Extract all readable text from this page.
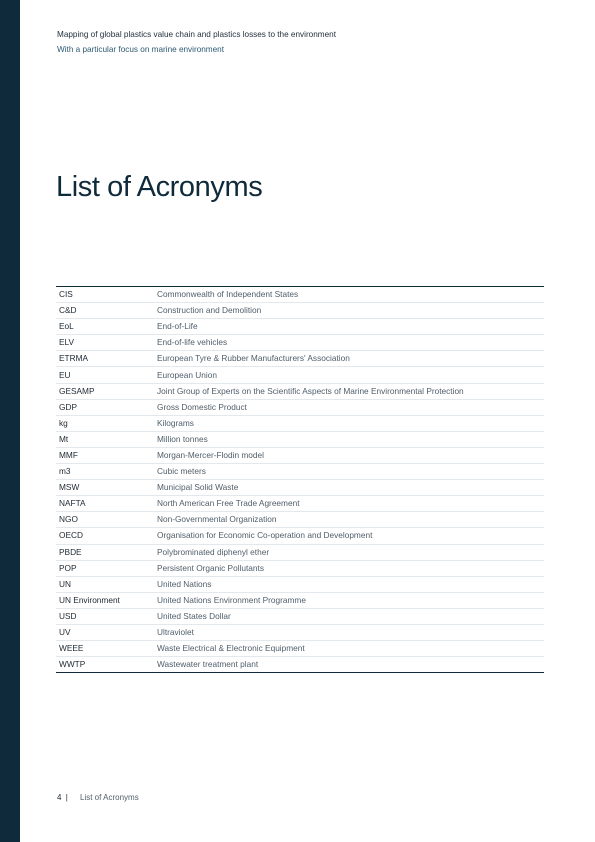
Mapping of global plastics value chain and plastics losses to the environment
With a particular focus on marine environment
List of Acronyms
CIS	Commonwealth of Independent States
C&D	Construction and Demolition
EoL	End-of-Life
ELV	End-of-life vehicles
ETRMA	European Tyre & Rubber Manufacturers' Association
EU	European Union
GESAMP	Joint Group of Experts on the Scientific Aspects of Marine Environmental Protection
GDP	Gross Domestic Product
kg	Kilograms
Mt	Million tonnes
MMF	Morgan-Mercer-Flodin model
m3	Cubic meters
MSW	Municipal Solid Waste
NAFTA	North American Free Trade Agreement
NGO	Non-Governmental Organization
OECD	Organisation for Economic Co-operation and Development
PBDE	Polybrominated diphenyl ether
POP	Persistent Organic Pollutants
UN	United Nations
UN Environment	United Nations Environment Programme
USD	United States Dollar
UV	Ultraviolet
WEEE	Waste Electrical & Electronic Equipment
WWTP	Wastewater treatment plant
4 | List of Acronyms
